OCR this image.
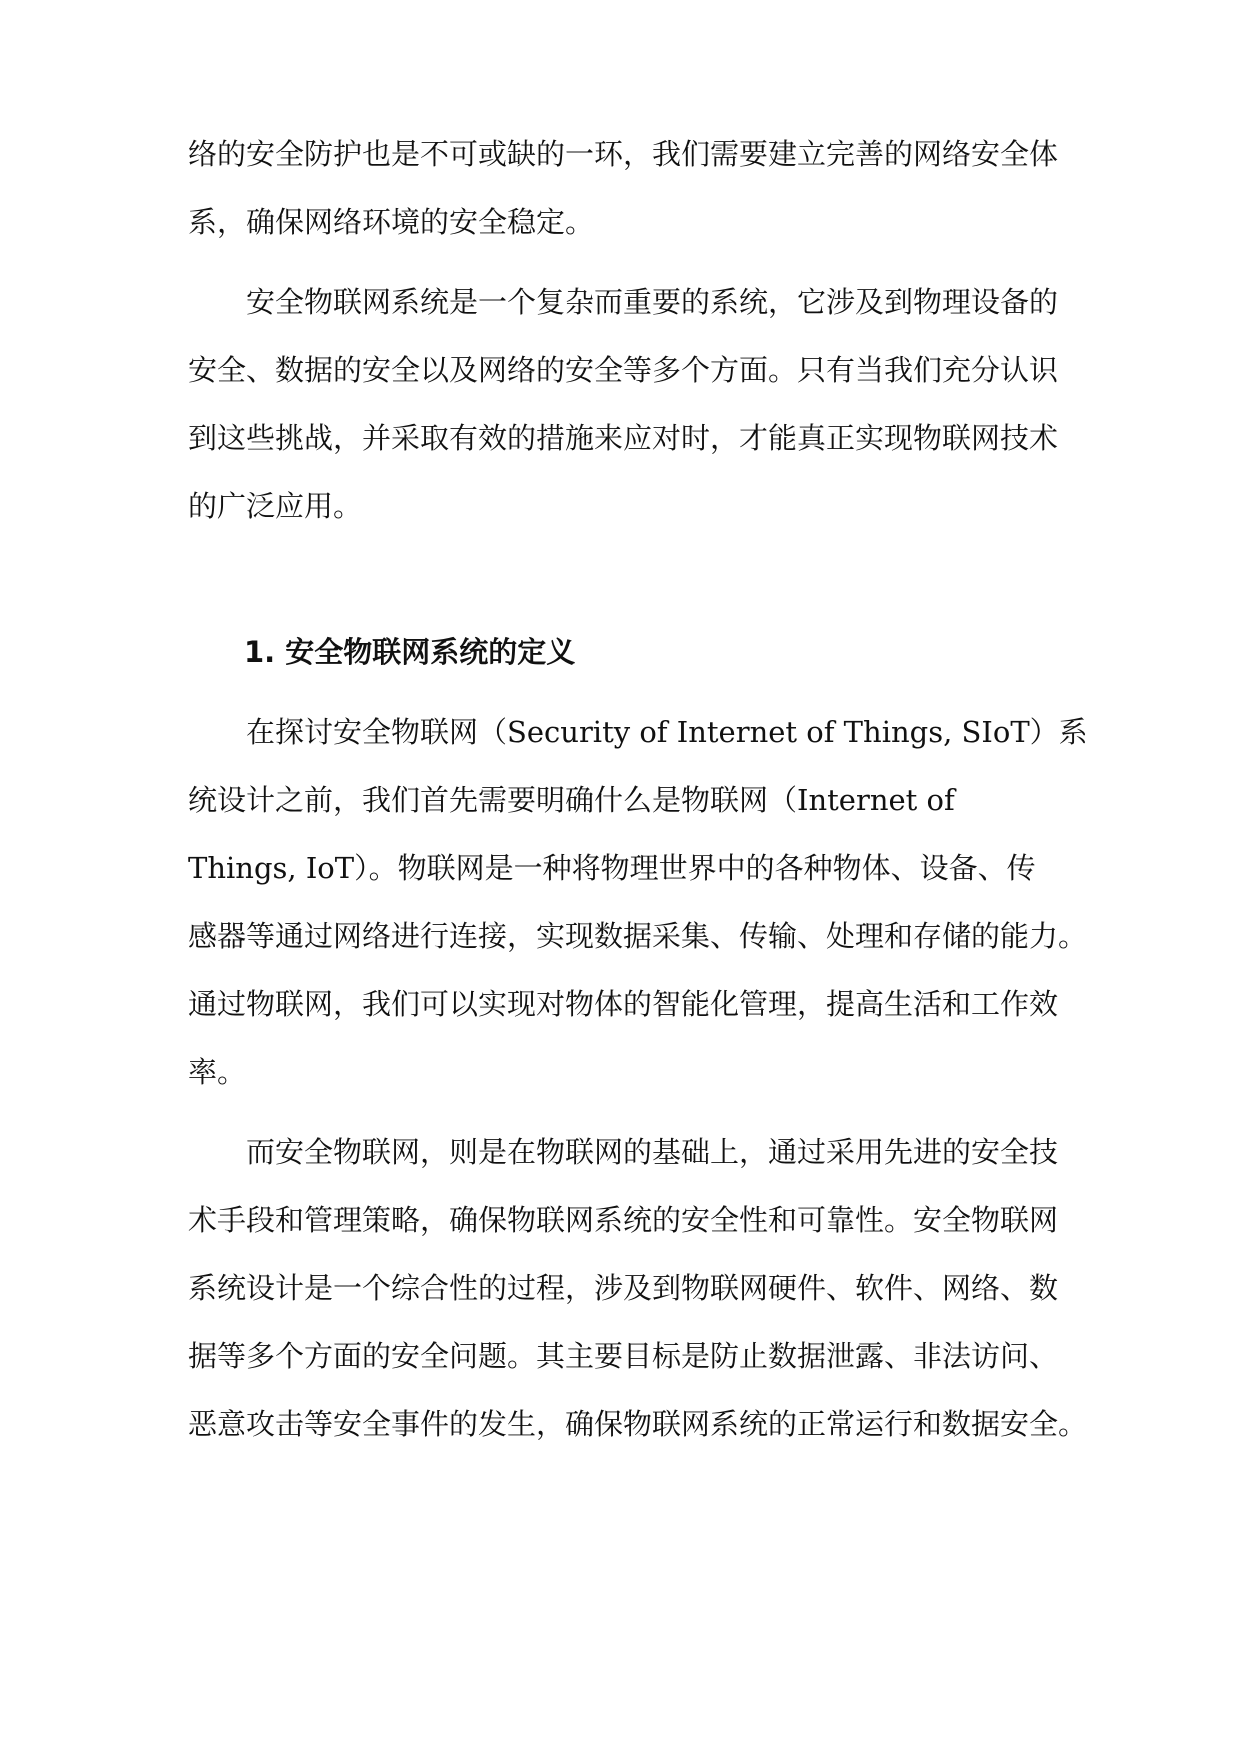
络的安全防护也是不可或缺的一环，我们需要建立完善的网络安全体
系，确保网络环境的安全稳定。
安全物联网系统是一个复杂而重要的系统，它涉及到物理设备的
安全、数据的安全以及网络的安全等多个方面。只有当我们充分认识
到这些挑战，并采取有效的措施来应对时，才能真正实现物联网技术
的广泛应用。
1. 安全物联网系统的定义
在探讨安全物联网（Security of Internet of Things, SIoT）系
统设计之前，我们首先需要明确什么是物联网（Internet of
Things, IoT）。物联网是一种将物理世界中的各种物体、设备、传
感器等通过网络进行连接，实现数据采集、传输、处理和存储的能力。
通过物联网，我们可以实现对物体的智能化管理，提高生活和工作效
率。
而安全物联网，则是在物联网的基础上，通过采用先进的安全技
术手段和管理策略，确保物联网系统的安全性和可靠性。安全物联网
系统设计是一个综合性的过程，涉及到物联网硬件、软件、网络、数
据等多个方面的安全问题。其主要目标是防止数据泄露、非法访问、
恶意攻击等安全事件的发生，确保物联网系统的正常运行和数据安全。
